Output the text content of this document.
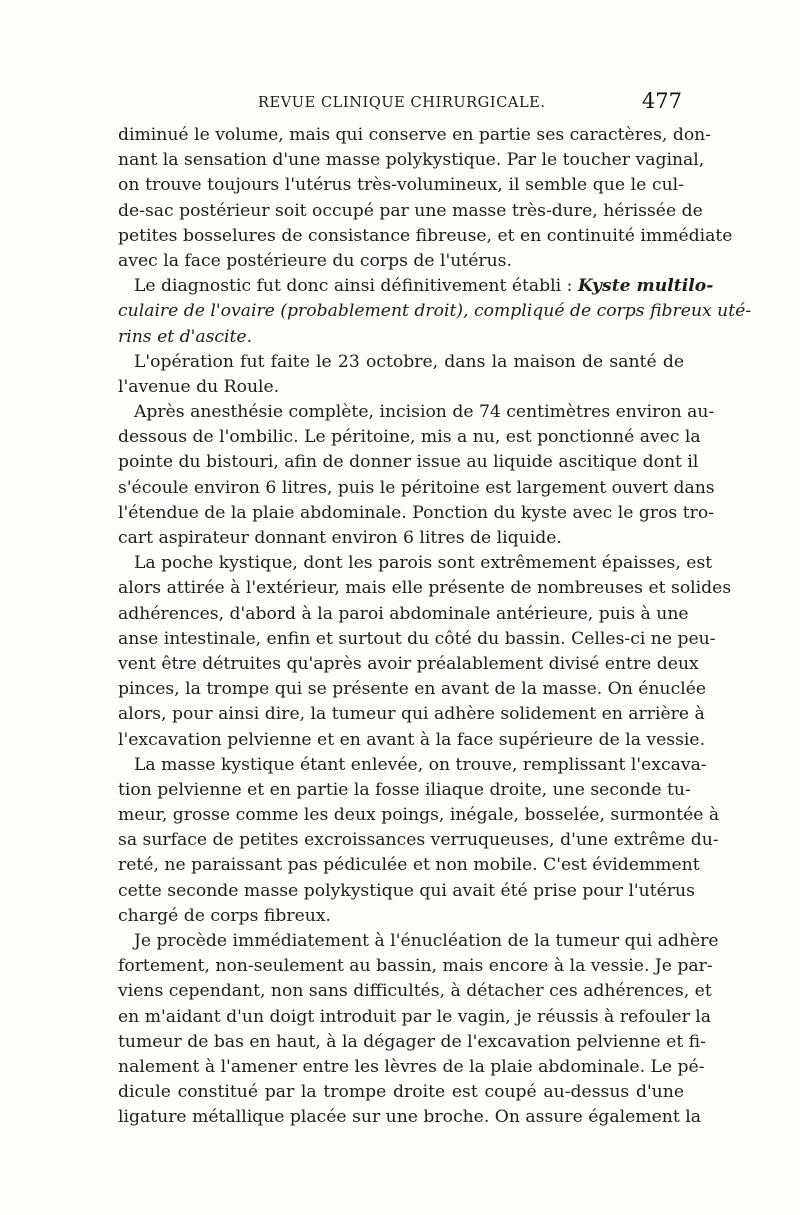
REVUE CLINIQUE CHIRURGICALE.	477
diminué le volume, mais qui conserve en partie ses caractères, don-
nant la sensation d'une masse polykystique. Par le toucher vaginal,
on trouve toujours l'utérus très-volumineux, il semble que le cul-
de-sac postérieur soit occupé par une masse très-dure, hérissée de
petites bosselures de consistance fibreuse, et en continuité immédiate
avec la face postérieure du corps de l'utérus.
Le diagnostic fut donc ainsi définitivement établi : Kyste multilo-
culaire de l'ovaire (probablement droit), compliqué de corps fibreux uté-
rins et d'ascite.
L'opération fut faite le 23 octobre, dans la maison de santé de
l'avenue du Roule.
Après anesthésie complète, incision de 74 centimètres environ au-
dessous de l'ombilic. Le péritoine, mis a nu, est ponctionné avec la
pointe du bistouri, afin de donner issue au liquide ascitique dont il
s'écoule environ 6 litres, puis le péritoine est largement ouvert dans
l'étendue de la plaie abdominale. Ponction du kyste avec le gros tro-
cart aspirateur donnant environ 6 litres de liquide.
La poche kystique, dont les parois sont extrêmement épaisses, est
alors attirée à l'extérieur, mais elle présente de nombreuses et solides
adhérences, d'abord à la paroi abdominale antérieure, puis à une
anse intestinale, enfin et surtout du côté du bassin. Celles-ci ne peu-
vent être détruites qu'après avoir préalablement divisé entre deux
pinces, la trompe qui se présente en avant de la masse. On énuclée
alors, pour ainsi dire, la tumeur qui adhère solidement en arrière à
l'excavation pelvienne et en avant à la face supérieure de la vessie.
La masse kystique étant enlevée, on trouve, remplissant l'excava-
tion pelvienne et en partie la fosse iliaque droite, une seconde tu-
meur, grosse comme les deux poings, inégale, bosselée, surmontée à
sa surface de petites excroissances verruqueuses, d'une extrême du-
reté, ne paraissant pas pédiculée et non mobile. C'est évidemment
cette seconde masse polykystique qui avait été prise pour l'utérus
chargé de corps fibreux.
Je procède immédiatement à l'énucléation de la tumeur qui adhère
fortement, non-seulement au bassin, mais encore à la vessie. Je par-
viens cependant, non sans difficultés, à détacher ces adhérences, et
en m'aidant d'un doigt introduit par le vagin, je réussis à refouler la
tumeur de bas en haut, à la dégager de l'excavation pelvienne et fi-
nalement à l'amener entre les lèvres de la plaie abdominale. Le pé-
dicule constitué par la trompe droite est coupé au-dessus d'une
ligature métallique placée sur une broche. On assure également la
